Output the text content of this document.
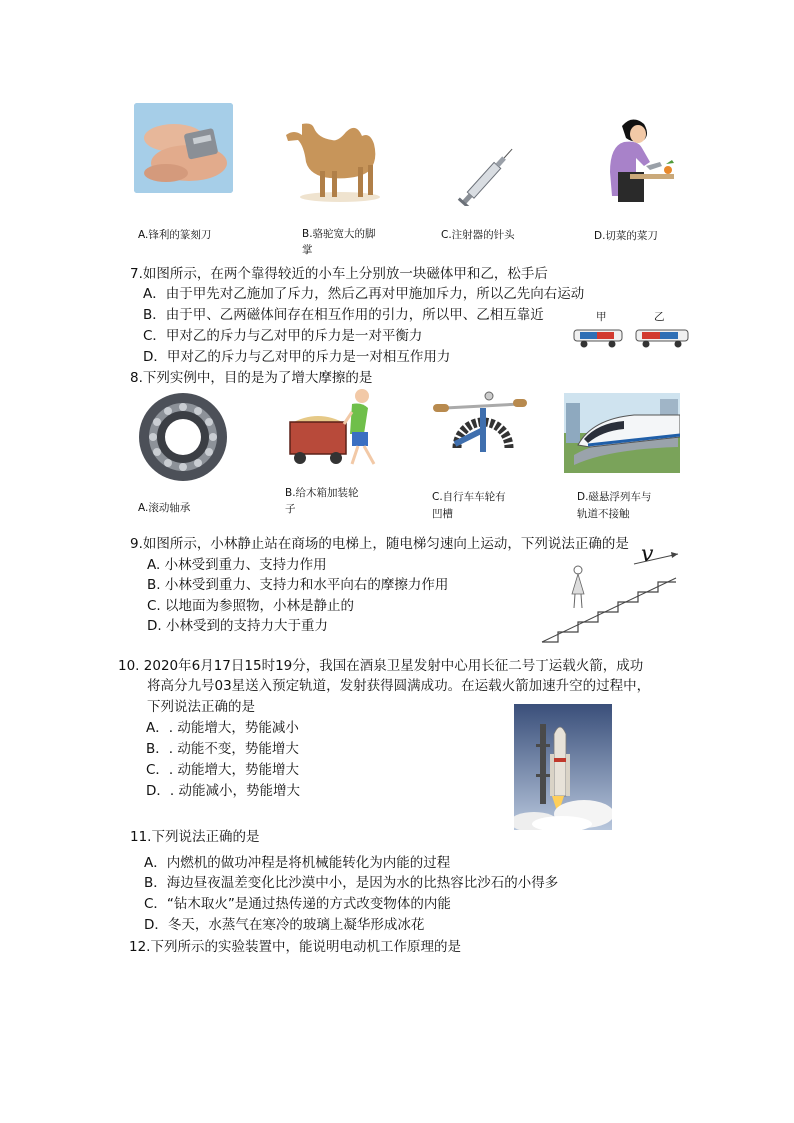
A.锋利的篆刻刀	B.骆驼宽大的脚
掌
C.注射器的针头	D.切菜的菜刀
7.如图所示，在两个靠得较近的小车上分别放一块磁体甲和乙，松手后
A．由于甲先对乙施加了斥力，然后乙再对甲施加斥力，所以乙先向右运动
B．由于甲、乙两磁体间存在相互作用的引力，所以甲、乙相互靠近
C．甲对乙的斥力与乙对甲的斥力是一对平衡力
D．甲对乙的斥力与乙对甲的斥力是一对相互作用力
甲	乙
8.下列实例中，目的是为了增大摩擦的是
A.滚动轴承
B.给木箱加装轮
子
C.自行车车轮有
凹槽
D.磁悬浮列车与
轨道不接触
9.如图所示，小林静止站在商场的电梯上，随电梯匀速向上运动，下列说法正确的是
A. 小林受到重力、支持力作用
B. 小林受到重力、支持力和水平向右的摩擦力作用
C. 以地面为参照物，小林是静止的
D. 小林受到的支持力大于重力
v
10. 2020年6月17日15时19分，我国在酒泉卫星发射中心用长征二号丁运载火箭，成功
将高分九号03星送入预定轨道，发射获得圆满成功。在运载火箭加速升空的过程中，
下列说法正确的是
A．. 动能增大，势能减小
B．. 动能不变，势能增大
C．. 动能增大，势能增大
D．. 动能减小，势能增大
11.下列说法正确的是
A．内燃机的做功冲程是将机械能转化为内能的过程
B．海边昼夜温差变化比沙漠中小，是因为水的比热容比沙石的小得多
C．“钻木取火”是通过热传递的方式改变物体的内能
D．冬天，水蒸气在寒冷的玻璃上凝华形成冰花
12.下列所示的实验装置中，能说明电动机工作原理的是
